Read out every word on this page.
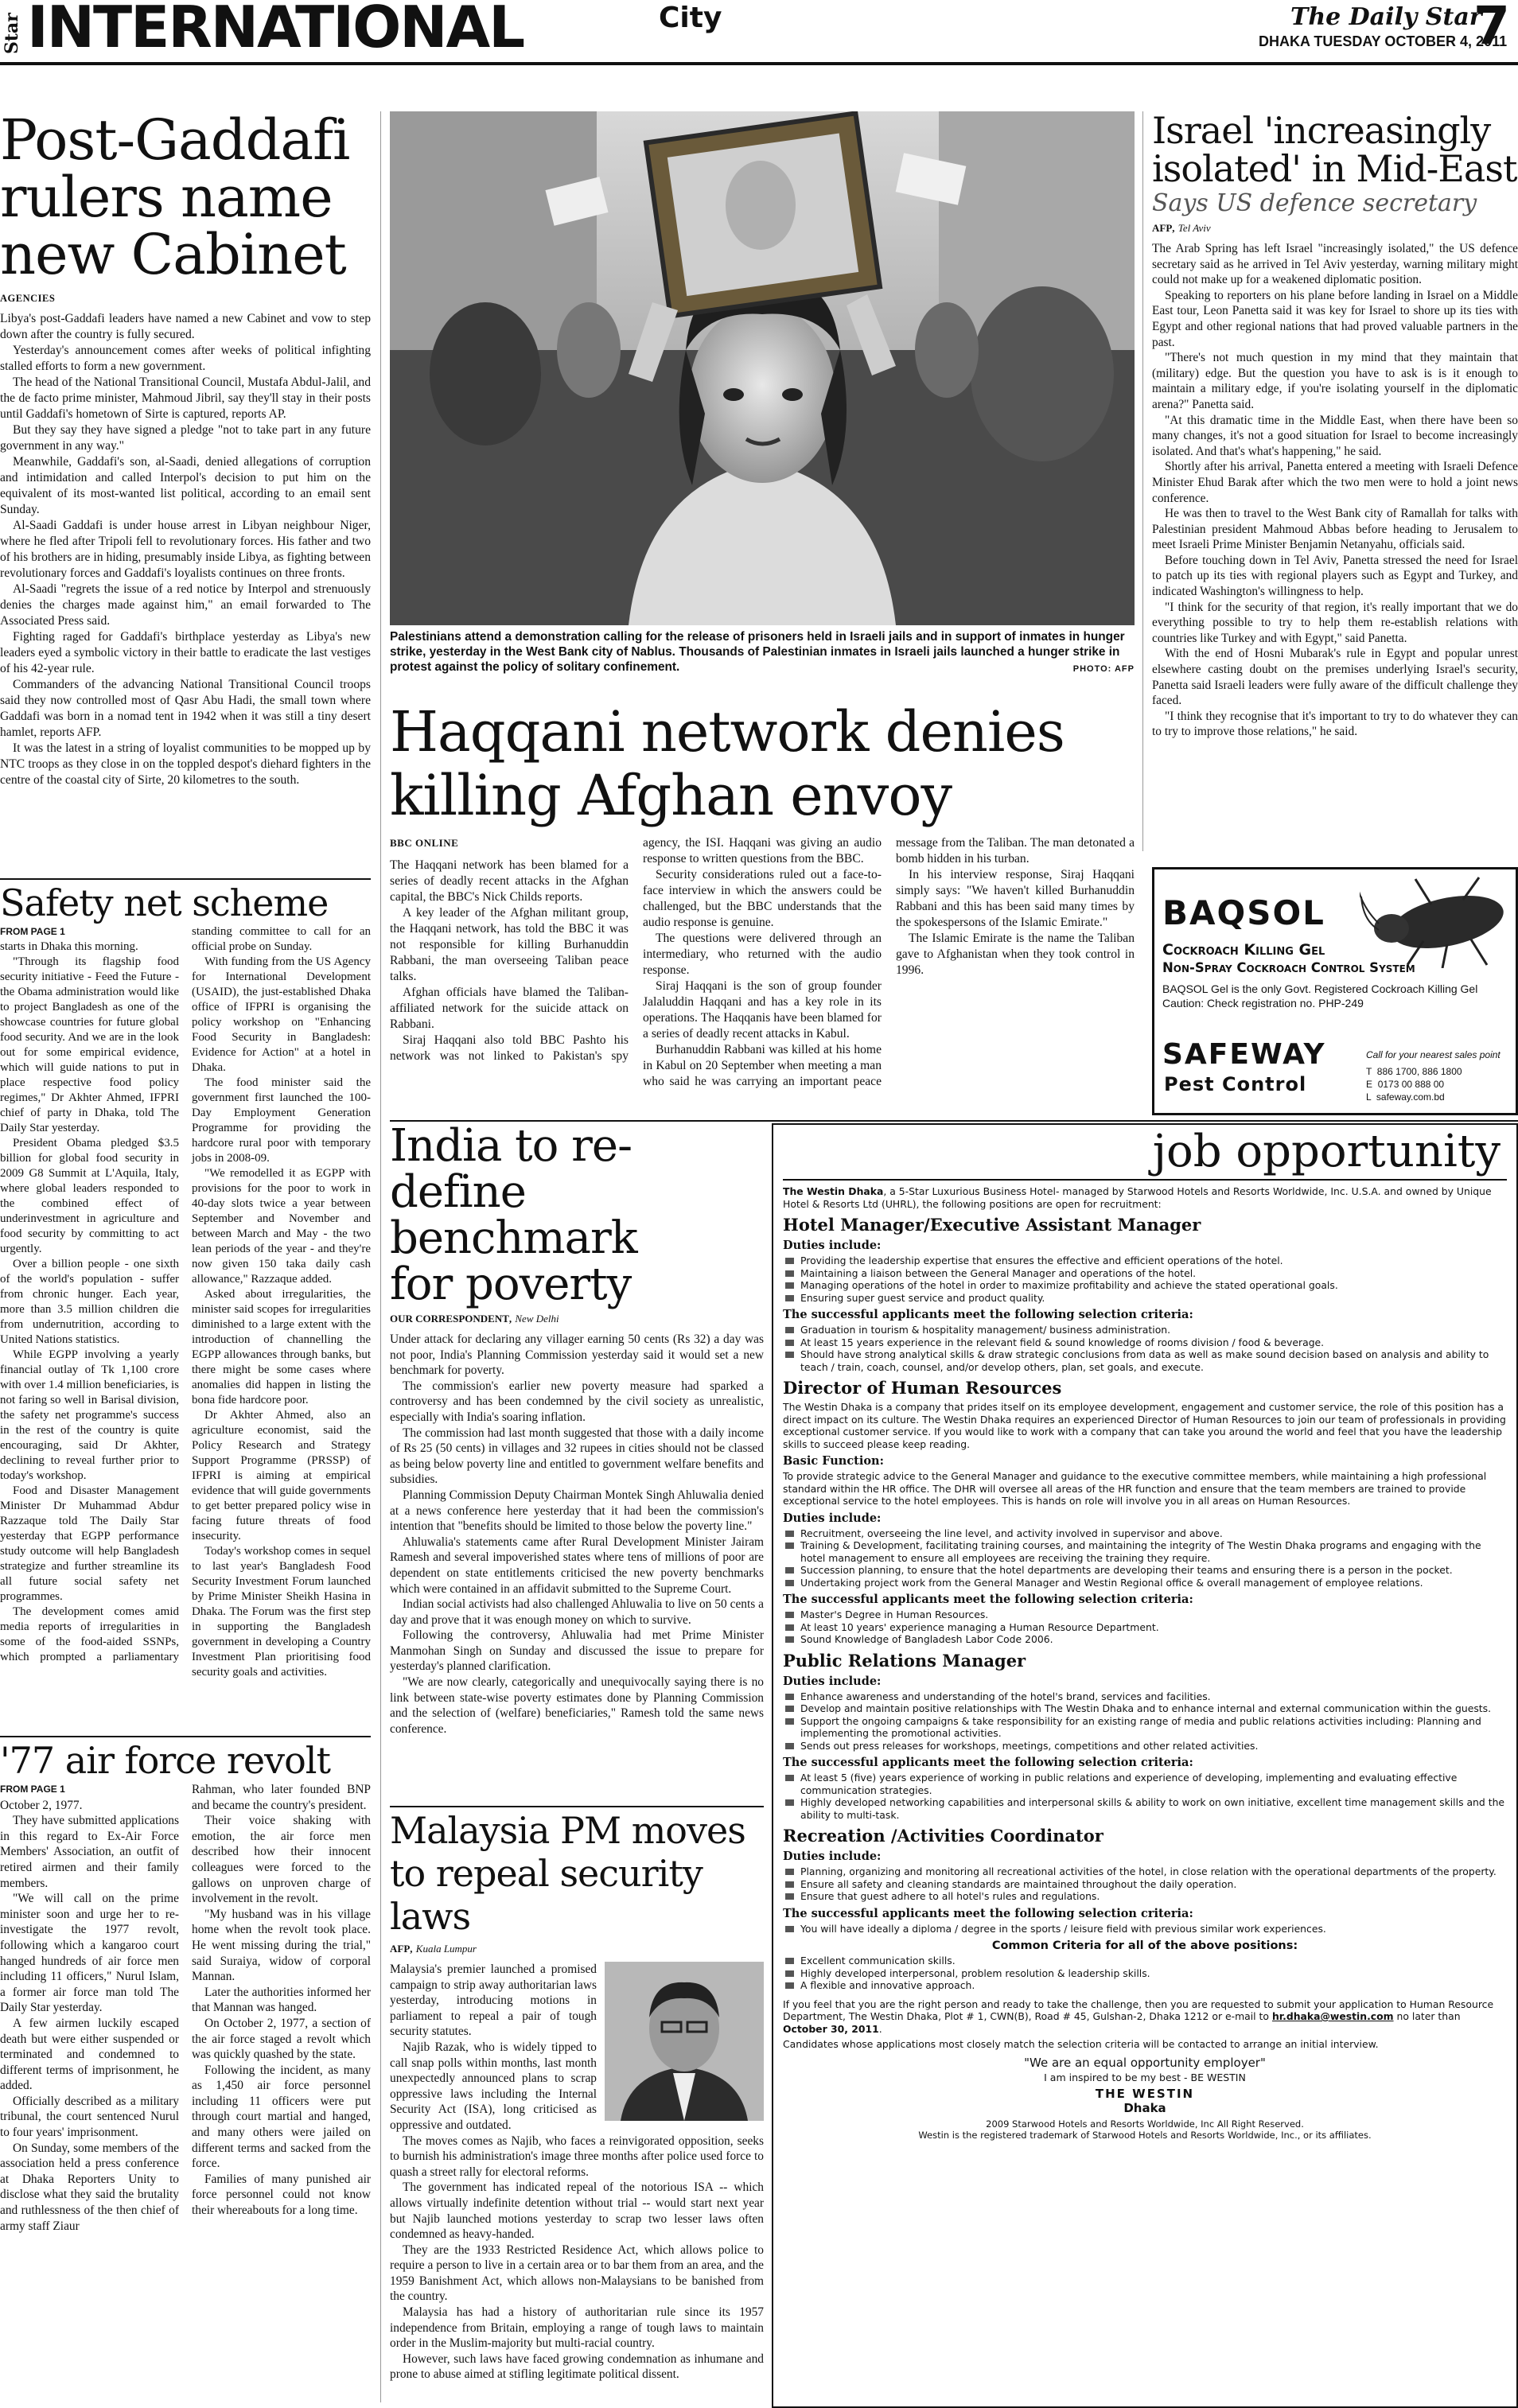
Star INTERNATIONAL	City	The Daily Star
DHAKA TUESDAY OCTOBER 4, 2011
7
Post-Gaddafi rulers name new Cabinet
AGENCIES

Libya's post-Gaddafi leaders have named a new Cabinet and vow to step down after the country is fully secured.

Yesterday's announcement comes after weeks of political infighting stalled efforts to form a new government.

The head of the National Transitional Council, Mustafa Abdul-Jalil, and the de facto prime minister, Mahmoud Jibril, say they'll stay in their posts until Gaddafi's hometown of Sirte is captured, reports AP.

But they say they have signed a pledge "not to take part in any future government in any way."

Meanwhile, Gaddafi's son, al-Saadi, denied allegations of corruption and intimidation and called Interpol's decision to put him on the equivalent of its most-wanted list political, according to an email sent Sunday.

Al-Saadi Gaddafi is under house arrest in Libyan neighbour Niger, where he fled after Tripoli fell to revolutionary forces. His father and two of his brothers are in hiding, presumably inside Libya, as fighting between revolutionary forces and Gaddafi's loyalists continues on three fronts.

Al-Saadi "regrets the issue of a red notice by Interpol and strenuously denies the charges made against him," an email forwarded to The Associated Press said.

Fighting raged for Gaddafi's birthplace yesterday as Libya's new leaders eyed a symbolic victory in their battle to eradicate the last vestiges of his 42-year rule.

Commanders of the advancing National Transitional Council troops said they now controlled most of Qasr Abu Hadi, the small town where Gaddafi was born in a nomad tent in 1942 when it was still a tiny desert hamlet, reports AFP.

It was the latest in a string of loyalist communities to be mopped up by NTC troops as they close in on the toppled despot's diehard fighters in the centre of the coastal city of Sirte, 20 kilometres to the south.

Safety net scheme
FROM PAGE 1

starts in Dhaka this morning.

"Through its flagship food security initiative - Feed the Future - the Obama administration would like to project Bangladesh as one of the showcase countries for future global food security. And we are in the look out for some empirical evidence, which will guide nations to put in place respective food policy regimes," Dr Akhter Ahmed, IFPRI chief of party in Dhaka, told The Daily Star yesterday.

President Obama pledged $3.5 billion for global food security in 2009 G8 Summit at L'Aquila, Italy, where global leaders responded to the combined effect of underinvestment in agriculture and food security by committing to act urgently.

Over a billion people - one sixth of the world's population - suffer from chronic hunger. Each year, more than 3.5 million children die from undernutrition, according to United Nations statistics.

While EGPP involving a yearly financial outlay of Tk 1,100 crore with over 1.4 million beneficiaries, is not faring so well in Barisal division, the safety net programme's success in the rest of the country is quite encouraging, said Dr Akhter, declining to reveal further prior to today's workshop.

Food and Disaster Management Minister Dr Muhammad Abdur Razzaque told The Daily Star yesterday that EGPP performance study outcome will help Bangladesh strategize and further streamline its all future social safety net programmes.

The development comes amid media reports of irregularities in some of the food-aided SSNPs, which prompted a parliamentary standing committee to call for an official probe on Sunday.

With funding from the US Agency for International Development (USAID), the just-established Dhaka office of IFPRI is organising the policy workshop on "Enhancing Food Security in Bangladesh: Evidence for Action" at a hotel in Dhaka.

The food minister said the government first launched the 100-Day Employment Generation Programme for providing the hardcore rural poor with temporary jobs in 2008-09.

"We remodelled it as EGPP with provisions for the poor to work in 40-day slots twice a year between September and November and between March and May - the two lean periods of the year - and they're now given 150 taka daily cash allowance," Razzaque added.

Asked about irregularities, the minister said scopes for irregularities diminished to a large extent with the introduction of channelling the EGPP allowances through banks, but there might be some cases where anomalies did happen in listing the bona fide hardcore poor.

Dr Akhter Ahmed, also an agriculture economist, said the Policy Research and Strategy Support Programme (PRSSP) of IFPRI is aiming at empirical evidence that will guide governments to get better prepared policy wise in facing future threats of food insecurity.

Today's workshop comes in sequel to last year's Bangladesh Food Security Investment Forum launched by Prime Minister Sheikh Hasina in Dhaka. The Forum was the first step in supporting the Bangladesh government in developing a Country Investment Plan prioritising food security goals and activities.

'77 air force revolt
FROM PAGE 1

October 2, 1977.

They have submitted applications in this regard to Ex-Air Force Members' Association, an outfit of retired airmen and their family members.

"We will call on the prime minister soon and urge her to re-investigate the 1977 revolt, following which a kangaroo court hanged hundreds of air force men including 11 officers," Nurul Islam, a former air force man told The Daily Star yesterday.

A few airmen luckily escaped death but were either suspended or terminated and condemned to different terms of imprisonment, he added.

Officially described as a military tribunal, the court sentenced Nurul to four years' imprisonment.

On Sunday, some members of the association held a press conference at Dhaka Reporters Unity to disclose what they said the brutality and ruthlessness of the then chief of army staff Ziaur

Rahman, who later founded BNP and became the country's president.

Their voice shaking with emotion, the air force men described how their innocent colleagues were forced to the gallows on unproven charge of involvement in the revolt.

"My husband was in his village home when the revolt took place. He went missing during the trial," said Suraiya, widow of corporal Mannan.

Later the authorities informed her that Mannan was hanged.

On October 2, 1977, a section of the air force staged a revolt which was quickly quashed by the state.

Following the incident, as many as 1,450 air force personnel including 11 officers were put through court martial and hanged, and many others were jailed on different terms and sacked from the force.

Families of many punished air force personnel could not know their whereabouts for a long time.

Palestinians attend a demonstration calling for the release of prisoners held in Israeli jails and in support of inmates in hunger strike, yesterday in the West Bank city of Nablus. Thousands of Palestinian inmates in Israeli jails launched a hunger strike in protest against the policy of solitary confinement.	PHOTO: AFP
Haqqani network denies killing Afghan envoy
BBC ONLINE

The Haqqani network has been blamed for a series of deadly recent attacks in the Afghan capital, the BBC's Nick Childs reports.

A key leader of the Afghan militant group, the Haqqani network, has told the BBC it was not responsible for killing Burhanuddin Rabbani, the man overseeing Taliban peace talks.

Afghan officials have blamed the Taliban-affiliated network for the suicide attack on Rabbani.

Siraj Haqqani also told BBC Pashto his network was not linked to Pakistan's spy agency, the ISI. Haqqani was giving an audio response to written questions from the BBC.

Security considerations ruled out a face-to-face interview in which the answers could be challenged, but the BBC understands that the audio response is genuine.

The questions were delivered through an intermediary, who returned with the audio response.

Siraj Haqqani is the son of group founder Jalaluddin Haqqani and has a key role in its operations. The Haqqanis have been blamed for a series of deadly recent attacks in Kabul.

Burhanuddin Rabbani was killed at his home in Kabul on 20 September when meeting a man who said he was carrying an important peace message from the Taliban. The man detonated a bomb hidden in his turban.

In his interview response, Siraj Haqqani simply says: "We haven't killed Burhanuddin Rabbani and this has been said many times by the spokespersons of the Islamic Emirate."

The Islamic Emirate is the name the Taliban gave to Afghanistan when they took control in 1996.

Israel 'increasingly isolated' in Mid-East
Says US defence secretary
AFP, Tel Aviv

The Arab Spring has left Israel "increasingly isolated," the US defence secretary said as he arrived in Tel Aviv yesterday, warning military might could not make up for a weakened diplomatic position.

Speaking to reporters on his plane before landing in Israel on a Middle East tour, Leon Panetta said it was key for Israel to shore up its ties with Egypt and other regional nations that had proved valuable partners in the past.

"There's not much question in my mind that they maintain that (military) edge. But the question you have to ask is is it enough to maintain a military edge, if you're isolating yourself in the diplomatic arena?" Panetta said.

"At this dramatic time in the Middle East, when there have been so many changes, it's not a good situation for Israel to become increasingly isolated. And that's what's happening," he said.

Shortly after his arrival, Panetta entered a meeting with Israeli Defence Minister Ehud Barak after which the two men were to hold a joint news conference.

He was then to travel to the West Bank city of Ramallah for talks with Palestinian president Mahmoud Abbas before heading to Jerusalem to meet Israeli Prime Minister Benjamin Netanyahu, officials said.

Before touching down in Tel Aviv, Panetta stressed the need for Israel to patch up its ties with regional players such as Egypt and Turkey, and indicated Washington's willingness to help.

"I think for the security of that region, it's really important that we do everything possible to try to help them re-establish relations with countries like Turkey and with Egypt," said Panetta.

With the end of Hosni Mubarak's rule in Egypt and popular unrest elsewhere casting doubt on the premises underlying Israel's security, Panetta said Israeli leaders were fully aware of the difficult challenge they faced.

"I think they recognise that it's important to try to do whatever they can to try to improve those relations," he said.

BAQSOL
Cockroach Killing Gel
Non-Spray Cockroach Control System
BAQSOL Gel is the only Govt. Registered Cockroach Killing Gel
Caution: Check registration no. PHP-249
SAFEWAY
Pest Control
Call for your nearest sales point
T 886 1700, 886 1800
E 0173 00 888 00
L safeway.com.bd
India to re-define benchmark for poverty
OUR CORRESPONDENT, New Delhi

Under attack for declaring any villager earning 50 cents (Rs 32) a day was not poor, India's Planning Commission yesterday said it would set a new benchmark for poverty.

The commission's earlier new poverty measure had sparked a controversy and has been condemned by the civil society as unrealistic, especially with India's soaring inflation.

The commission had last month suggested that those with a daily income of Rs 25 (50 cents) in villages and 32 rupees in cities should not be classed as being below poverty line and entitled to government welfare benefits and subsidies.

Planning Commission Deputy Chairman Montek Singh Ahluwalia denied at a news conference here yesterday that it had been the commission's intention that "benefits should be limited to those below the poverty line."

Ahluwalia's statements came after Rural Development Minister Jairam Ramesh and several impoverished states where tens of millions of poor are dependent on state entitlements criticised the new poverty benchmarks which were contained in an affidavit submitted to the Supreme Court.

Indian social activists had also challenged Ahluwalia to live on 50 cents a day and prove that it was enough money on which to survive.

Following the controversy, Ahluwalia had met Prime Minister Manmohan Singh on Sunday and discussed the issue to prepare for yesterday's planned clarification.

"We are now clearly, categorically and unequivocally saying there is no link between state-wise poverty estimates done by Planning Commission and the selection of (welfare) beneficiaries," Ramesh told the same news conference.

Malaysia PM moves to repeal security laws
AFP, Kuala Lumpur

Malaysia's premier launched a promised campaign to strip away authoritarian laws yesterday, introducing motions in parliament to repeal a pair of tough security statutes.

Najib Razak, who is widely tipped to call snap polls within months, last month unexpectedly announced plans to scrap oppressive laws including the Internal Security Act (ISA), long criticised as oppressive and outdated.

The moves comes as Najib, who faces a reinvigorated opposition, seeks to burnish his administration's image three months after police used force to quash a street rally for electoral reforms.

The government has indicated repeal of the notorious ISA -- which allows virtually indefinite detention without trial -- would start next year but Najib launched motions yesterday to scrap two lesser laws often condemned as heavy-handed.

They are the 1933 Restricted Residence Act, which allows police to require a person to live in a certain area or to bar them from an area, and the 1959 Banishment Act, which allows non-Malaysians to be banished from the country.

Malaysia has had a history of authoritarian rule since its 1957 independence from Britain, employing a range of tough laws to maintain order in the Muslim-majority but multi-racial country.

However, such laws have faced growing condemnation as inhumane and prone to abuse aimed at stifling legitimate political dissent.

job opportunity

The Westin Dhaka, a 5-Star Luxurious Business Hotel- managed by Starwood Hotels and Resorts Worldwide, Inc. U.S.A. and owned by Unique Hotel & Resorts Ltd (UHRL), the following positions are open for recruitment:

Hotel Manager/Executive Assistant Manager
Duties include:
Providing the leadership expertise that ensures the effective and efficient operations of the hotel.
Maintaining a liaison between the General Manager and operations of the hotel.
Managing operations of the hotel in order to maximize profitability and achieve the stated operational goals.
Ensuring super guest service and product quality.
The successful applicants meet the following selection criteria:
Graduation in tourism & hospitality management/ business administration.
At least 15 years experience in the relevant field & sound knowledge of rooms division / food & beverage.
Should have strong analytical skills & draw strategic conclusions from data as well as make sound decision based on analysis and ability to teach / train, coach, counsel, and/or develop others, plan, set goals, and execute.
Director of Human Resources

The Westin Dhaka is a company that prides itself on its employee development, engagement and customer service, the role of this position has a direct impact on its culture. The Westin Dhaka requires an experienced Director of Human Resources to join our team of professionals in providing exceptional customer service. If you would like to work with a company that can take you around the world and feel that you have the leadership skills to succeed please keep reading.

Basic Function:

To provide strategic advice to the General Manager and guidance to the executive committee members, while maintaining a high professional standard within the HR office. The DHR will oversee all areas of the HR function and ensure that the team members are trained to provide exceptional service to the hotel employees. This is hands on role will involve you in all areas on Human Resources.

Duties include:
Recruitment, overseeing the line level, and activity involved in supervisor and above.
Training & Development, facilitating training courses, and maintaining the integrity of The Westin Dhaka programs and engaging with the hotel management to ensure all employees are receiving the training they require.
Succession planning, to ensure that the hotel departments are developing their teams and ensuring there is a person in the pocket.
Undertaking project work from the General Manager and Westin Regional office & overall management of employee relations.
The successful applicants meet the following selection criteria:
Master's Degree in Human Resources.
At least 10 years' experience managing a Human Resource Department.
Sound Knowledge of Bangladesh Labor Code 2006.
Public Relations Manager
Duties include:
Enhance awareness and understanding of the hotel's brand, services and facilities.
Develop and maintain positive relationships with The Westin Dhaka and to enhance internal and external communication within the guests.
Support the ongoing campaigns & take responsibility for an existing range of media and public relations activities including: Planning and implementing the promotional activities.
Sends out press releases for workshops, meetings, competitions and other related activities.
The successful applicants meet the following selection criteria:
At least 5 (five) years experience of working in public relations and experience of developing, implementing and evaluating effective communication strategies.
Highly developed networking capabilities and interpersonal skills & ability to work on own initiative, excellent time management skills and the ability to multi-task.
Recreation /Activities Coordinator
Duties include:
Planning, organizing and monitoring all recreational activities of the hotel, in close relation with the operational departments of the property.
Ensure all safety and cleaning standards are maintained throughout the daily operation.
Ensure that guest adhere to all hotel's rules and regulations.
The successful applicants meet the following selection criteria:
You will have ideally a diploma / degree in the sports / leisure field with previous similar work experiences.
Common Criteria for all of the above positions:
Excellent communication skills.
Highly developed interpersonal, problem resolution & leadership skills.
A flexible and innovative approach.

If you feel that you are the right person and ready to take the challenge, then you are requested to submit your application to Human Resource Department, The Westin Dhaka, Plot # 1, CWN(B), Road # 45, Gulshan-2, Dhaka 1212 or e-mail to hr.dhaka@westin.com no later than October 30, 2011.

Candidates whose applications most closely match the selection criteria will be contacted to arrange an initial interview.

"We are an equal opportunity employer"
I am inspired to be my best - BE WESTIN
THE WESTIN
Dhaka
2009 Starwood Hotels and Resorts Worldwide, Inc All Right Reserved.
Westin is the registered trademark of Starwood Hotels and Resorts Worldwide, Inc., or its affiliates.
